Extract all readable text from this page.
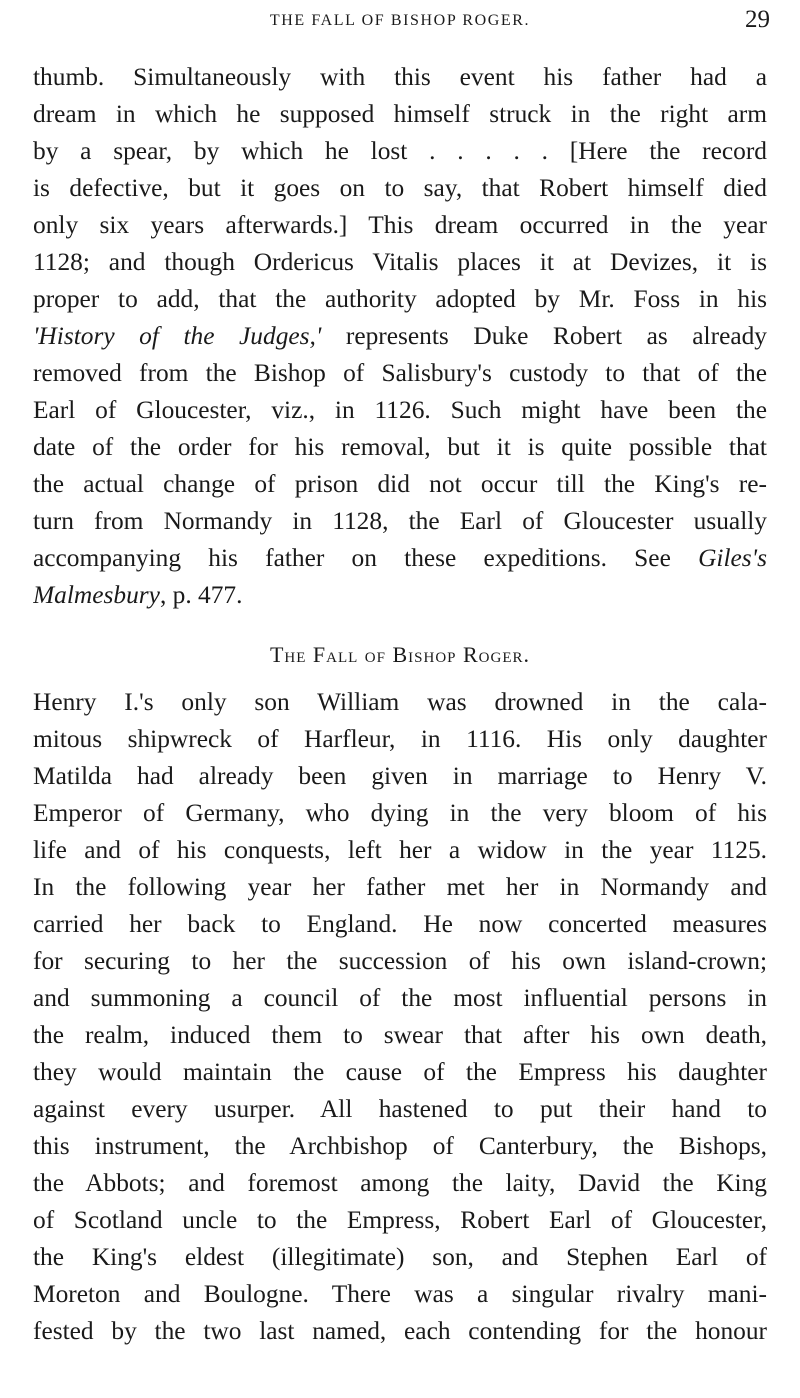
THE FALL OF BISHOP ROGER.	29
thumb. Simultaneously with this event his father had a
dream in which he supposed himself struck in the right arm
by a spear, by which he lost . . . . . [Here the record
is defective, but it goes on to say, that Robert himself died
only six years afterwards.] This dream occurred in the year
1128; and though Ordericus Vitalis places it at Devizes, it is
proper to add, that the authority adopted by Mr. Foss in his
'History of the Judges,' represents Duke Robert as already
removed from the Bishop of Salisbury's custody to that of the
Earl of Gloucester, viz., in 1126. Such might have been the
date of the order for his removal, but it is quite possible that
the actual change of prison did not occur till the King's re-
turn from Normandy in 1128, the Earl of Gloucester usually
accompanying his father on these expeditions. See Giles's
Malmesbury, p. 477.
The Fall of Bishop Roger.
Henry I.'s only son William was drowned in the cala-
mitous shipwreck of Harfleur, in 1116. His only daughter
Matilda had already been given in marriage to Henry V.
Emperor of Germany, who dying in the very bloom of his
life and of his conquests, left her a widow in the year 1125.
In the following year her father met her in Normandy and
carried her back to England. He now concerted measures
for securing to her the succession of his own island-crown;
and summoning a council of the most influential persons in
the realm, induced them to swear that after his own death,
they would maintain the cause of the Empress his daughter
against every usurper. All hastened to put their hand to
this instrument, the Archbishop of Canterbury, the Bishops,
the Abbots; and foremost among the laity, David the King
of Scotland uncle to the Empress, Robert Earl of Gloucester,
the King's eldest (illegitimate) son, and Stephen Earl of
Moreton and Boulogne. There was a singular rivalry mani-
fested by the two last named, each contending for the honour
